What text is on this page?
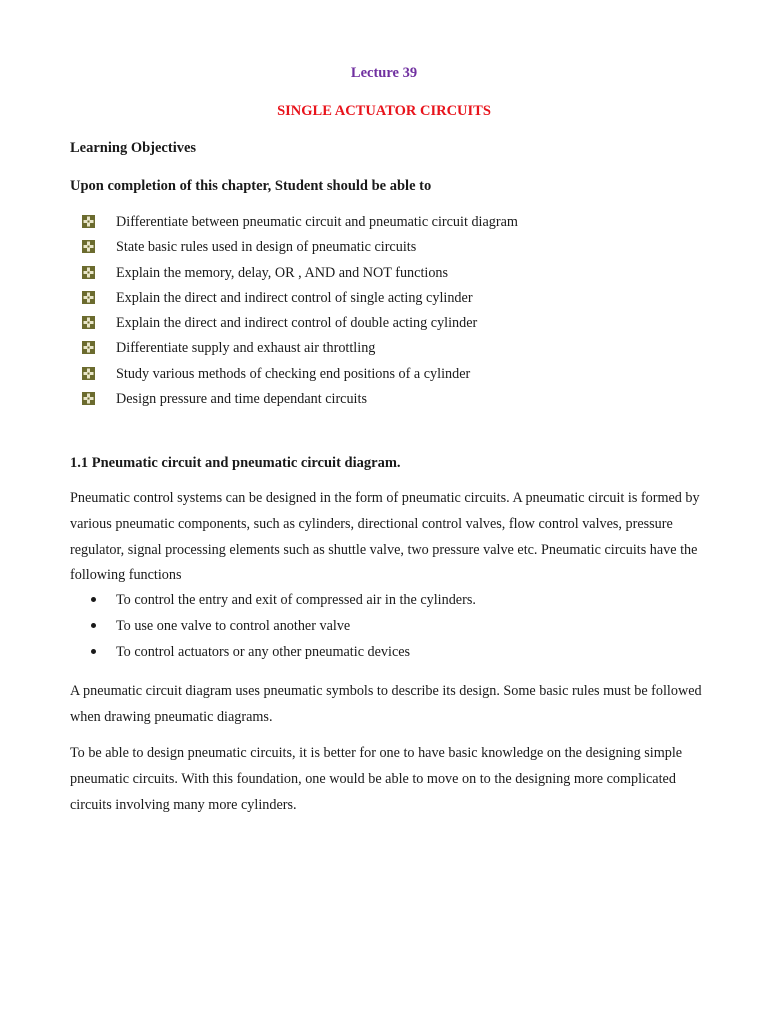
Lecture 39
SINGLE ACTUATOR CIRCUITS
Learning Objectives
Upon completion of this chapter, Student should be able to
Differentiate between pneumatic circuit and pneumatic circuit diagram
State basic rules used in design of pneumatic circuits
Explain the memory, delay, OR , AND and NOT functions
Explain the direct and indirect control of single acting cylinder
Explain the direct and indirect control of double acting cylinder
Differentiate supply and exhaust air throttling
Study various methods of checking end positions of a cylinder
Design pressure and time dependant circuits
1.1 Pneumatic circuit and pneumatic circuit diagram.

Pneumatic control systems can be designed in the form of pneumatic circuits. A pneumatic circuit is formed by various pneumatic components, such as cylinders, directional control valves, flow control valves, pressure regulator, signal processing elements such as shuttle valve, two pressure valve etc. Pneumatic circuits have the following functions

To control the entry and exit of compressed air in the cylinders.
To use one valve to control another valve
To control actuators or any other pneumatic devices

A pneumatic circuit diagram uses pneumatic symbols to describe its design. Some basic rules must be followed when drawing pneumatic diagrams.

To be able to design pneumatic circuits, it is better for one to have basic knowledge on the designing simple pneumatic circuits. With this foundation, one would be able to move on to the designing more complicated circuits involving many more cylinders.
